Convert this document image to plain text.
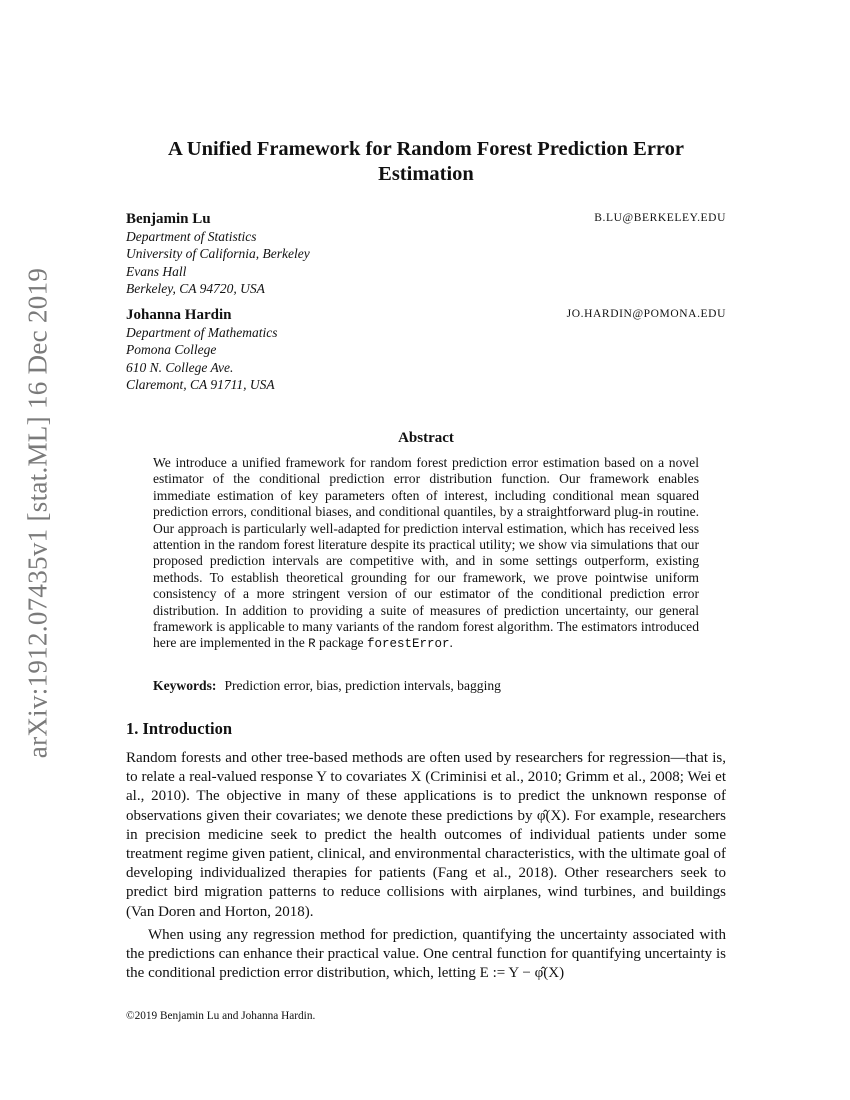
arXiv:1912.07435v1 [stat.ML] 16 Dec 2019
A Unified Framework for Random Forest Prediction Error Estimation
Benjamin Lu	B.LU@BERKELEY.EDU
Department of Statistics
University of California, Berkeley
Evans Hall
Berkeley, CA 94720, USA
Johanna Hardin	JO.HARDIN@POMONA.EDU
Department of Mathematics
Pomona College
610 N. College Ave.
Claremont, CA 91711, USA
Abstract
We introduce a unified framework for random forest prediction error estimation based on a novel estimator of the conditional prediction error distribution function. Our framework enables immediate estimation of key parameters often of interest, including conditional mean squared prediction errors, conditional biases, and conditional quantiles, by a straightforward plug-in routine. Our approach is particularly well-adapted for prediction interval estimation, which has received less attention in the random forest literature despite its practical utility; we show via simulations that our proposed prediction intervals are competitive with, and in some settings outperform, existing methods. To establish theoretical grounding for our framework, we prove pointwise uniform consistency of a more stringent version of our estimator of the conditional prediction error distribution. In addition to providing a suite of measures of prediction uncertainty, our general framework is applicable to many variants of the random forest algorithm. The estimators introduced here are implemented in the R package forestError.
Keywords: Prediction error, bias, prediction intervals, bagging
1. Introduction

Random forests and other tree-based methods are often used by researchers for regression—that is, to relate a real-valued response Y to covariates X (Criminisi et al., 2010; Grimm et al., 2008; Wei et al., 2010). The objective in many of these applications is to predict the unknown response of observations given their covariates; we denote these predictions by φ̂(X). For example, researchers in precision medicine seek to predict the health outcomes of individual patients under some treatment regime given patient, clinical, and environmental characteristics, with the ultimate goal of developing individualized therapies for patients (Fang et al., 2018). Other researchers seek to predict bird migration patterns to reduce collisions with airplanes, wind turbines, and buildings (Van Doren and Horton, 2018).

When using any regression method for prediction, quantifying the uncertainty associated with the predictions can enhance their practical value. One central function for quantifying uncertainty is the conditional prediction error distribution, which, letting E := Y − φ̂(X)

©2019 Benjamin Lu and Johanna Hardin.
